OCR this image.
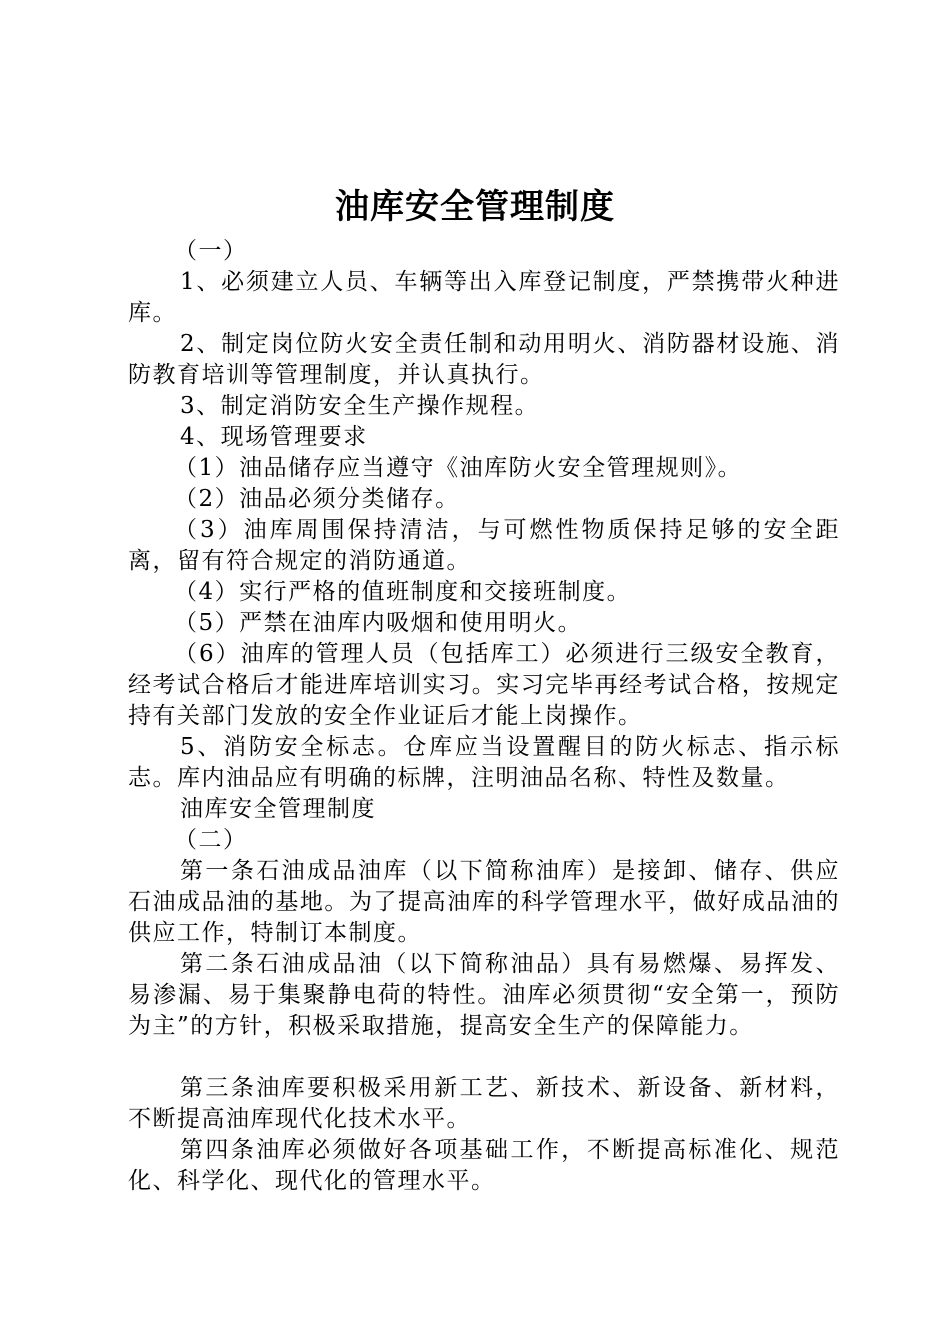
油库安全管理制度

（一）

1、必须建立人员、车辆等出入库登记制度，严禁携带火种进库。

2、制定岗位防火安全责任制和动用明火、消防器材设施、消防教育培训等管理制度，并认真执行。

3、制定消防安全生产操作规程。

4、现场管理要求

（1）油品储存应当遵守《油库防火安全管理规则》。

（2）油品必须分类储存。

（3）油库周围保持清洁，与可燃性物质保持足够的安全距离，留有符合规定的消防通道。

（4）实行严格的值班制度和交接班制度。

（5）严禁在油库内吸烟和使用明火。

（6）油库的管理人员（包括库工）必须进行三级安全教育，经考试合格后才能进库培训实习。实习完毕再经考试合格，按规定持有关部门发放的安全作业证后才能上岗操作。

5、消防安全标志。仓库应当设置醒目的防火标志、指示标志。库内油品应有明确的标牌，注明油品名称、特性及数量。

油库安全管理制度

（二）

第一条石油成品油库（以下简称油库）是接卸、储存、供应石油成品油的基地。为了提高油库的科学管理水平，做好成品油的供应工作，特制订本制度。

第二条石油成品油（以下简称油品）具有易燃爆、易挥发、易渗漏、易于集聚静电荷的特性。油库必须贯彻“安全第一，预防为主”的方针，积极采取措施，提高安全生产的保障能力。

第三条油库要积极采用新工艺、新技术、新设备、新材料，不断提高油库现代化技术水平。

第四条油库必须做好各项基础工作，不断提高标准化、规范化、科学化、现代化的管理水平。
